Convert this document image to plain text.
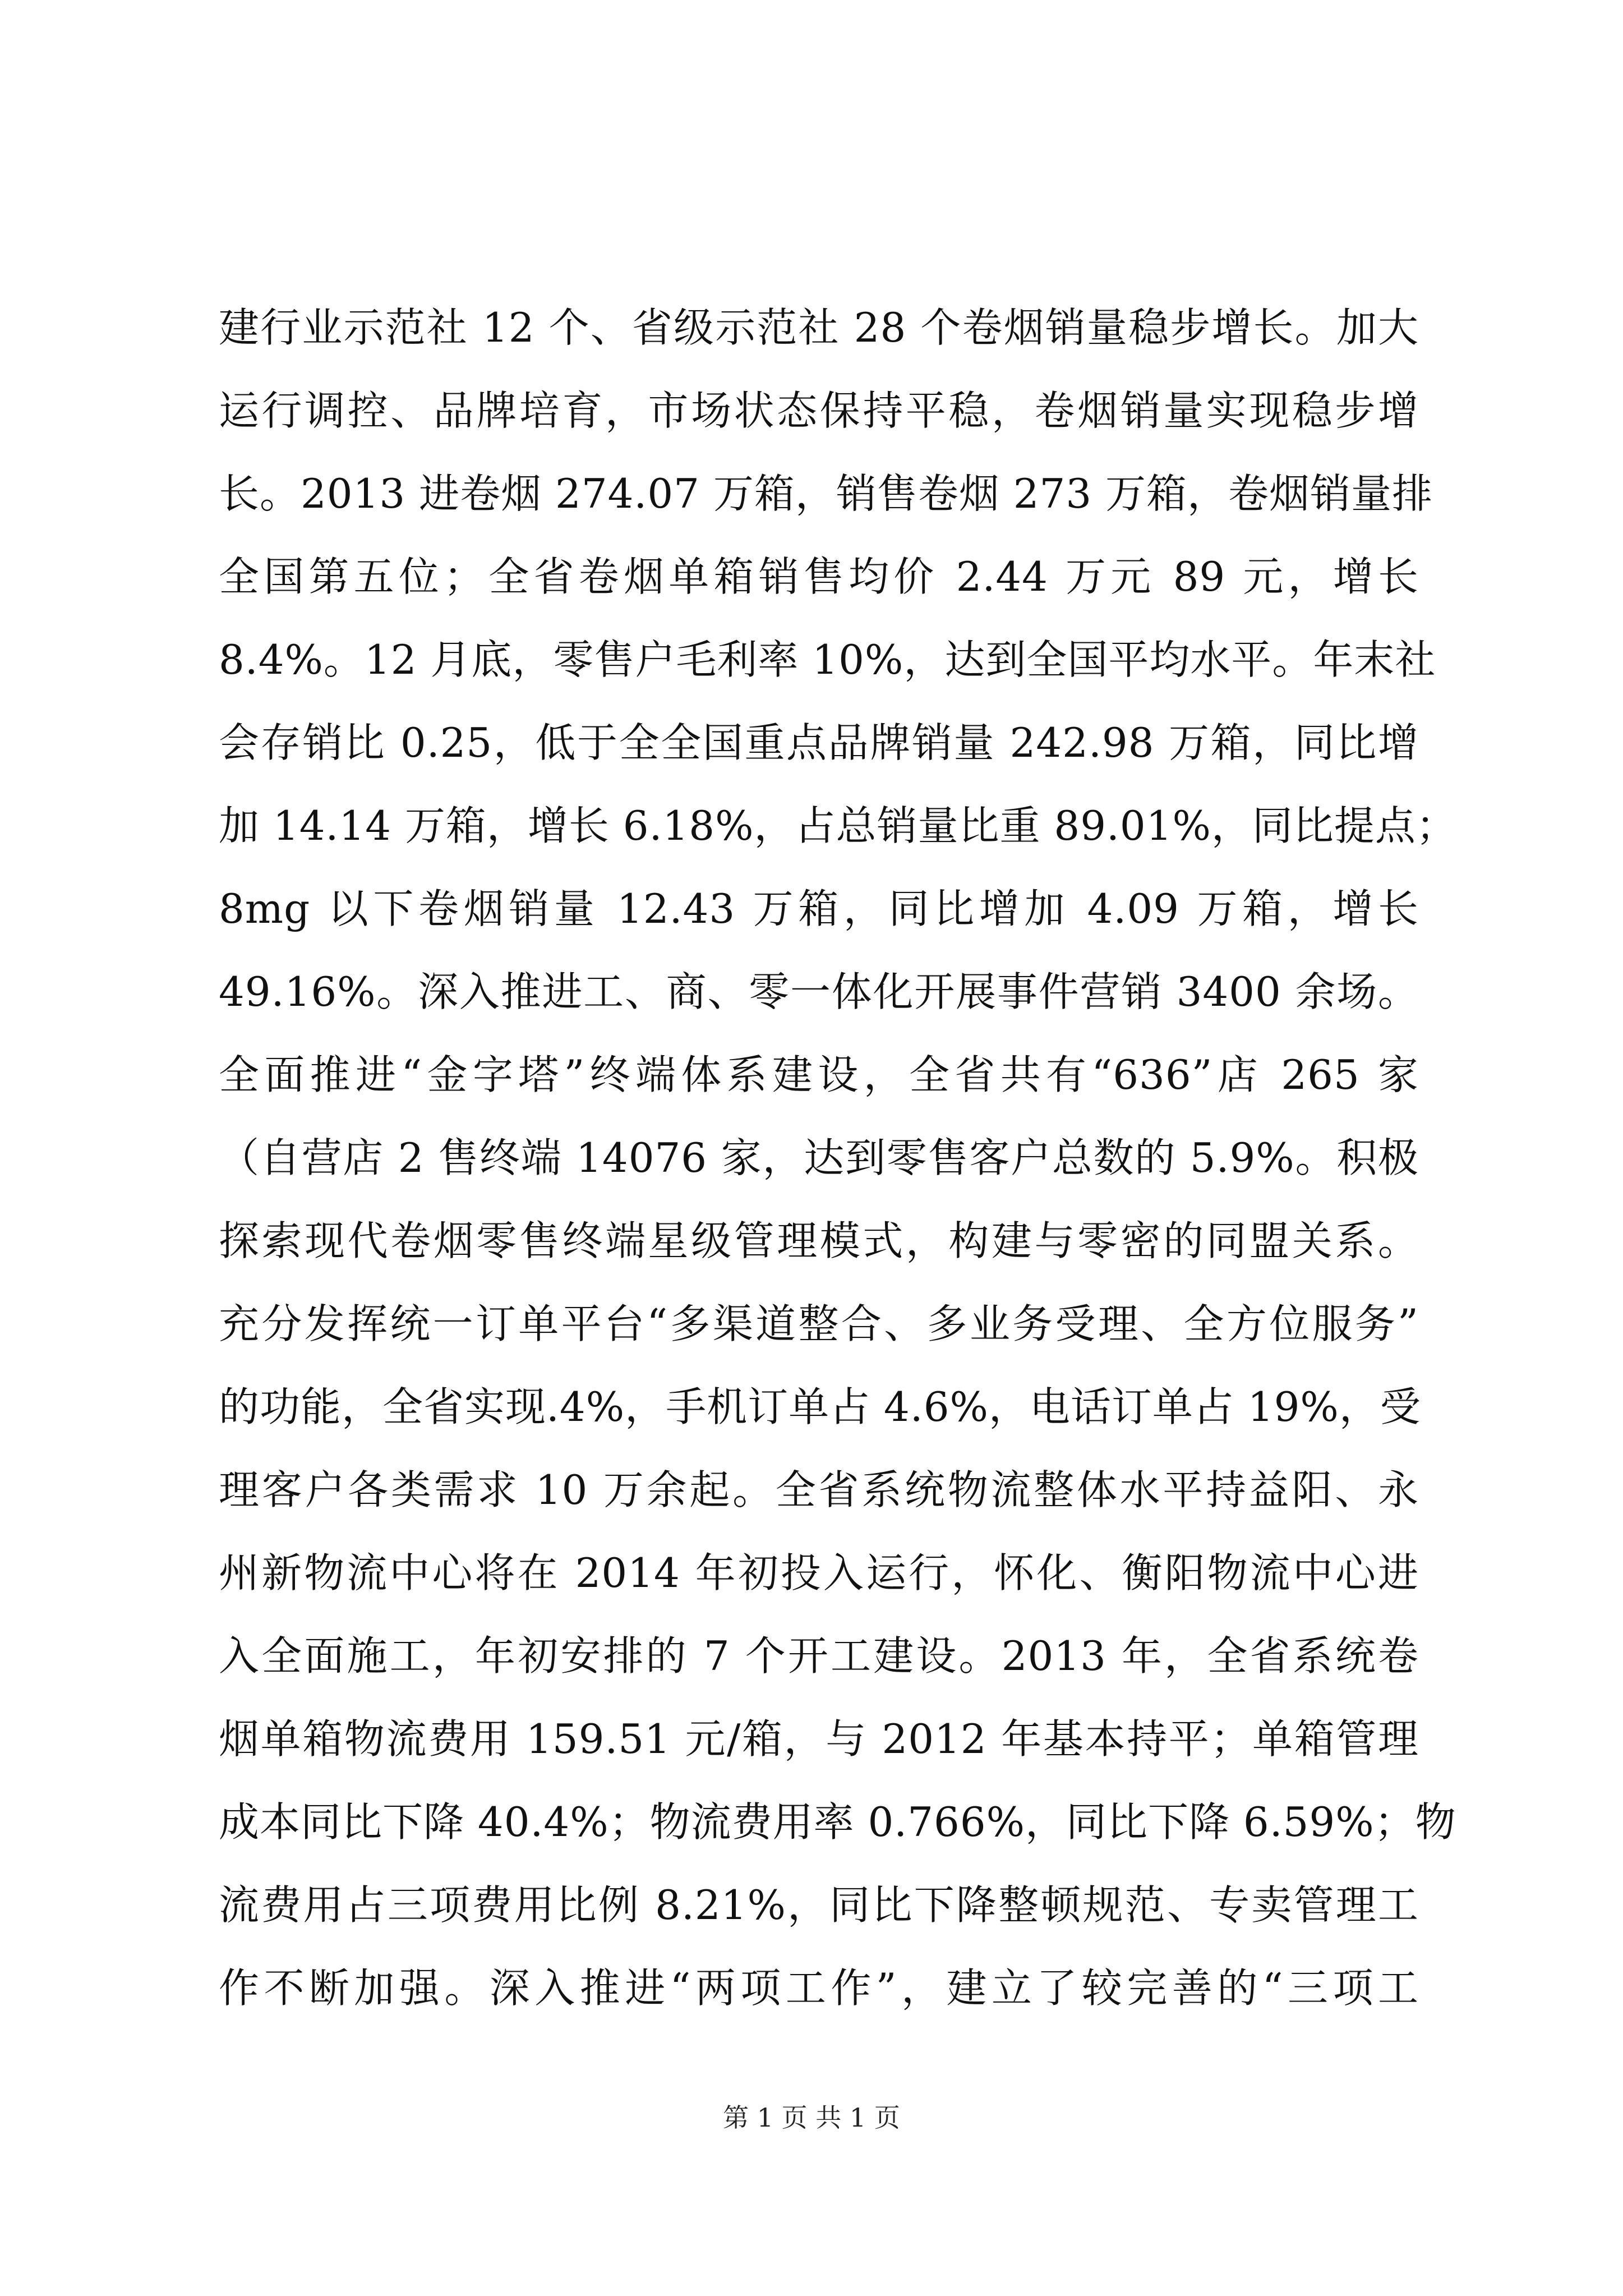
建行业示范社 12 个、省级示范社 28 个卷烟销量稳步增长。加大
运行调控、品牌培育，市场状态保持平稳，卷烟销量实现稳步增
长。2013 进卷烟 274.07 万箱，销售卷烟 273 万箱，卷烟销量排
全国第五位；全省卷烟单箱销售均价 2.44 万元 89 元，增长
8.4%。12 月底，零售户毛利率 10%，达到全国平均水平。年末社
会存销比 0.25，低于全全国重点品牌销量 242.98 万箱，同比增
加 14.14 万箱，增长 6.18%，占总销量比重 89.01%，同比提点；
8mg 以下卷烟销量 12.43 万箱，同比增加 4.09 万箱，增长
49.16%。深入推进工、商、零一体化开展事件营销 3400 余场。
全面推进“金字塔”终端体系建设，全省共有“636”店 265 家
（自营店 2 售终端 14076 家，达到零售客户总数的 5.9%。积极
探索现代卷烟零售终端星级管理模式，构建与零密的同盟关系。
充分发挥统一订单平台“多渠道整合、多业务受理、全方位服务”
的功能，全省实现.4%，手机订单占 4.6%，电话订单占 19%，受
理客户各类需求 10 万余起。全省系统物流整体水平持益阳、永
州新物流中心将在 2014 年初投入运行，怀化、衡阳物流中心进
入全面施工，年初安排的 7 个开工建设。2013 年，全省系统卷
烟单箱物流费用 159.51 元/箱，与 2012 年基本持平；单箱管理
成本同比下降 40.4%；物流费用率 0.766%，同比下降 6.59%；物
流费用占三项费用比例 8.21%，同比下降整顿规范、专卖管理工
作不断加强。深入推进“两项工作”，建立了较完善的“三项工
第 1 页 共 1 页
